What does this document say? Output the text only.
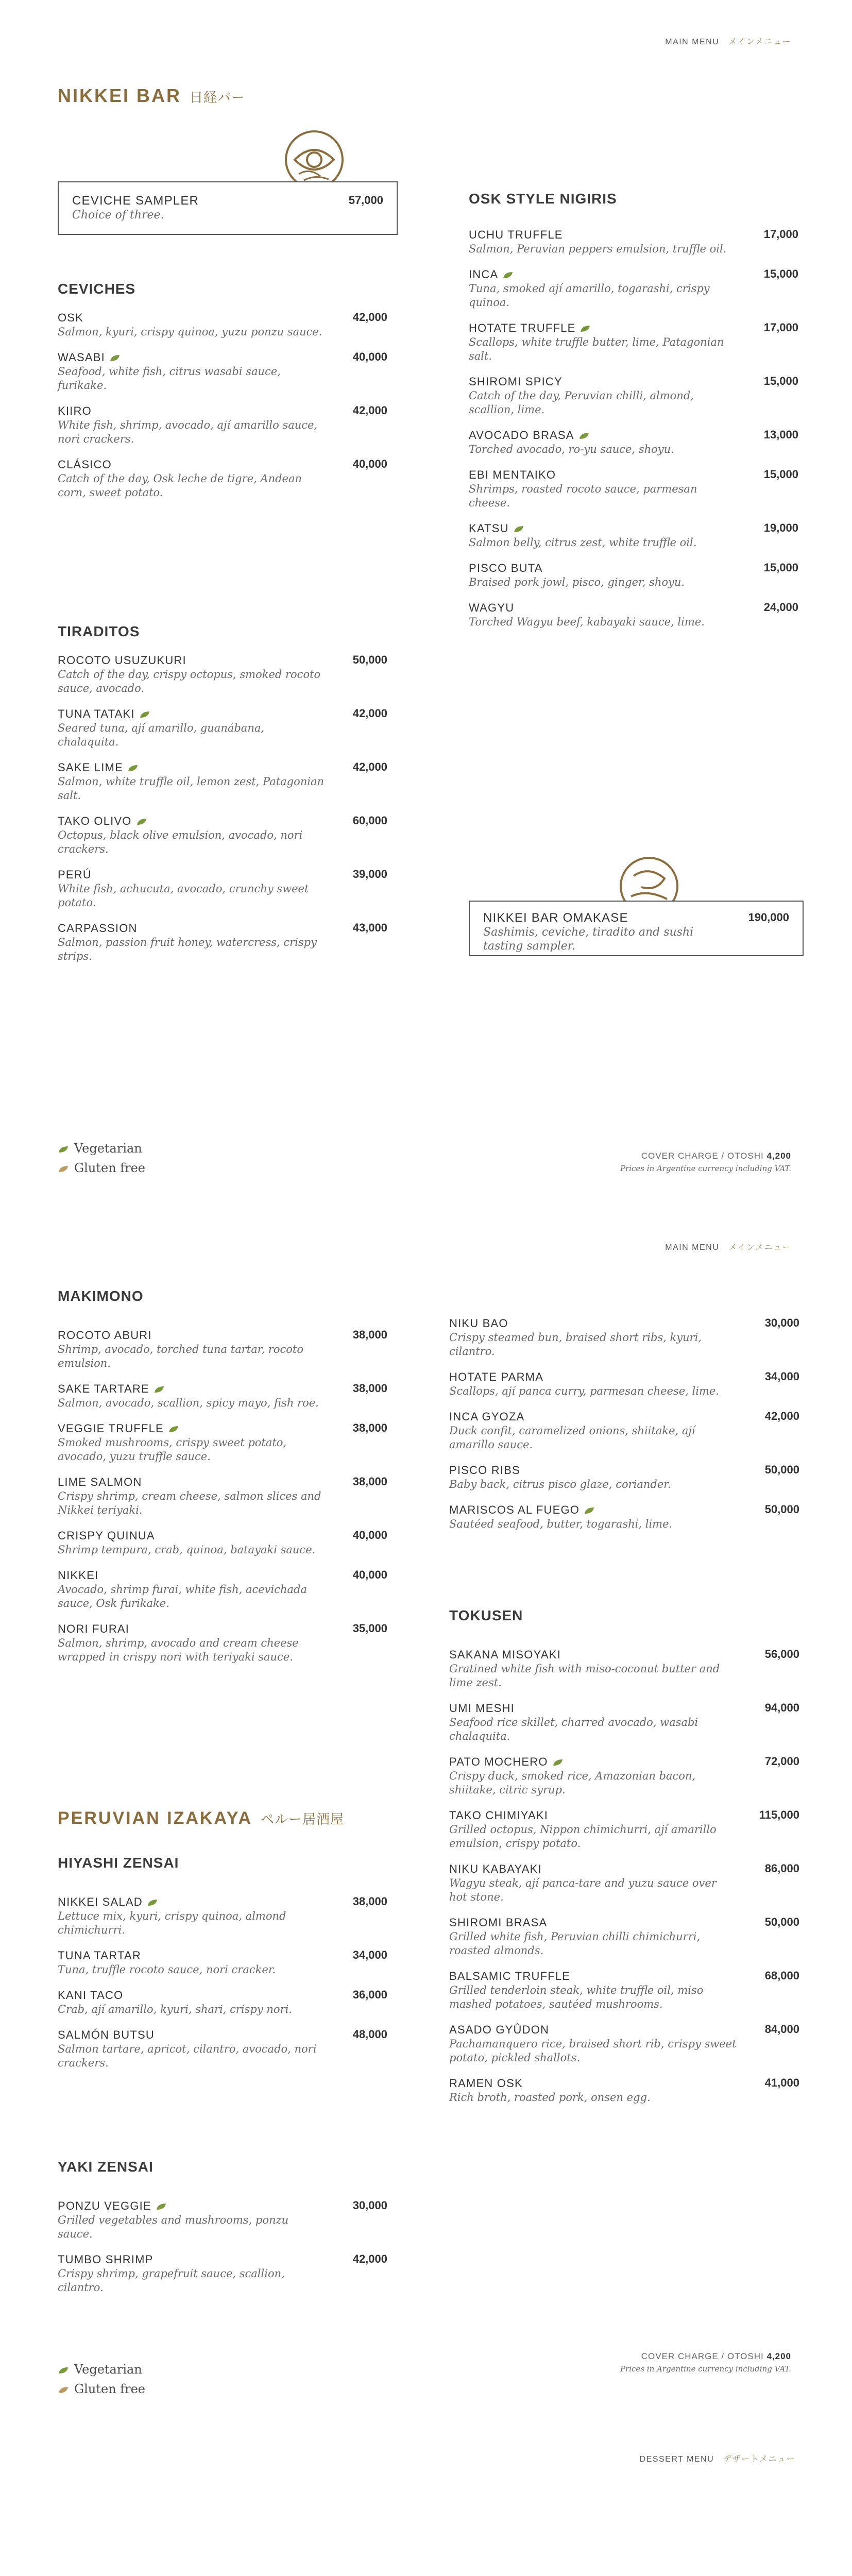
MAIN MENU メインメニュー
NIKKEI BAR 日経バー
CEVICHE SAMPLER	57,000
Choice of three.
CEVICHES
OSK	42,000
Salmon, kyuri, crispy quinoa, yuzu ponzu sauce.
WASABI	40,000
Seafood, white fish, citrus wasabi sauce, furikake.
KIIRO	42,000
White fish, shrimp, avocado, ají amarillo sauce, nori crackers.
CLÁSICO	40,000
Catch of the day, Osk leche de tigre, Andean corn, sweet potato.
TIRADITOS
ROCOTO USUZUKURI	50,000
Catch of the day, crispy octopus, smoked rocoto sauce, avocado.
TUNA TATAKI	42,000
Seared tuna, ají amarillo, guanábana, chalaquita.
SAKE LIME	42,000
Salmon, white truffle oil, lemon zest, Patagonian salt.
TAKO OLIVO	60,000
Octopus, black olive emulsion, avocado, nori crackers.
PERÚ	39,000
White fish, achucuta, avocado, crunchy sweet potato.
CARPASSION	43,000
Salmon, passion fruit honey, watercress, crispy strips.
OSK STYLE NIGIRIS
UCHU TRUFFLE	17,000
Salmon, Peruvian peppers emulsion, truffle oil.
INCA	15,000
Tuna, smoked ají amarillo, togarashi, crispy quinoa.
HOTATE TRUFFLE	17,000
Scallops, white truffle butter, lime, Patagonian salt.
SHIROMI SPICY	15,000
Catch of the day, Peruvian chilli, almond, scallion, lime.
AVOCADO BRASA	13,000
Torched avocado, ro-yu sauce, shoyu.
EBI MENTAIKO	15,000
Shrimps, roasted rocoto sauce, parmesan cheese.
KATSU	19,000
Salmon belly, citrus zest, white truffle oil.
PISCO BUTA	15,000
Braised pork jowl, pisco, ginger, shoyu.
WAGYU	24,000
Torched Wagyu beef, kabayaki sauce, lime.
NIKKEI BAR OMAKASE	190,000
Sashimis, ceviche, tiradito and sushi tasting sampler.
Vegetarian
Gluten free
COVER CHARGE / OTOSHI 4,200
Prices in Argentine currency including VAT.
MAIN MENU メインメニュー
MAKIMONO
ROCOTO ABURI	38,000
Shrimp, avocado, torched tuna tartar, rocoto emulsion.
SAKE TARTARE	38,000
Salmon, avocado, scallion, spicy mayo, fish roe.
VEGGIE TRUFFLE	38,000
Smoked mushrooms, crispy sweet potato, avocado, yuzu truffle sauce.
LIME SALMON	38,000
Crispy shrimp, cream cheese, salmon slices and Nikkei teriyaki.
CRISPY QUINUA	40,000
Shrimp tempura, crab, quinoa, batayaki sauce.
NIKKEI	40,000
Avocado, shrimp furai, white fish, acevichada sauce, Osk furikake.
NORI FURAI	35,000
Salmon, shrimp, avocado and cream cheese wrapped in crispy nori with teriyaki sauce.
PERUVIAN IZAKAYA ペルー居酒屋
HIYASHI ZENSAI
NIKKEI SALAD	38,000
Lettuce mix, kyuri, crispy quinoa, almond chimichurri.
TUNA TARTAR	34,000
Tuna, truffle rocoto sauce, nori cracker.
KANI TACO	36,000
Crab, ají amarillo, kyuri, shari, crispy nori.
SALMÓN BUTSU	48,000
Salmon tartare, apricot, cilantro, avocado, nori crackers.
YAKI ZENSAI
PONZU VEGGIE	30,000
Grilled vegetables and mushrooms, ponzu sauce.
TUMBO SHRIMP	42,000
Crispy shrimp, grapefruit sauce, scallion, cilantro.
NIKU BAO	30,000
Crispy steamed bun, braised short ribs, kyuri, cilantro.
HOTATE PARMA	34,000
Scallops, ají panca curry, parmesan cheese, lime.
INCA GYOZA	42,000
Duck confit, caramelized onions, shiitake, ají amarillo sauce.
PISCO RIBS	50,000
Baby back, citrus pisco glaze, coriander.
MARISCOS AL FUEGO	50,000
Sautéed seafood, butter, togarashi, lime.
TOKUSEN
SAKANA MISOYAKI	56,000
Gratined white fish with miso-coconut butter and lime zest.
UMI MESHI	94,000
Seafood rice skillet, charred avocado, wasabi chalaquita.
PATO MOCHERO	72,000
Crispy duck, smoked rice, Amazonian bacon, shiitake, citric syrup.
TAKO CHIMIYAKI	115,000
Grilled octopus, Nippon chimichurri, ají amarillo emulsion, crispy potato.
NIKU KABAYAKI	86,000
Wagyu steak, ají panca-tare and yuzu sauce over hot stone.
SHIROMI BRASA	50,000
Grilled white fish, Peruvian chilli chimichurri, roasted almonds.
BALSAMIC TRUFFLE	68,000
Grilled tenderloin steak, white truffle oil, miso mashed potatoes, sautéed mushrooms.
ASADO GYÛDON	84,000
Pachamanquero rice, braised short rib, crispy sweet potato, pickled shallots.
RAMEN OSK	41,000
Rich broth, roasted pork, onsen egg.
Vegetarian
Gluten free
COVER CHARGE / OTOSHI 4,200
Prices in Argentine currency including VAT.
DESSERT MENU デザートメニュー
